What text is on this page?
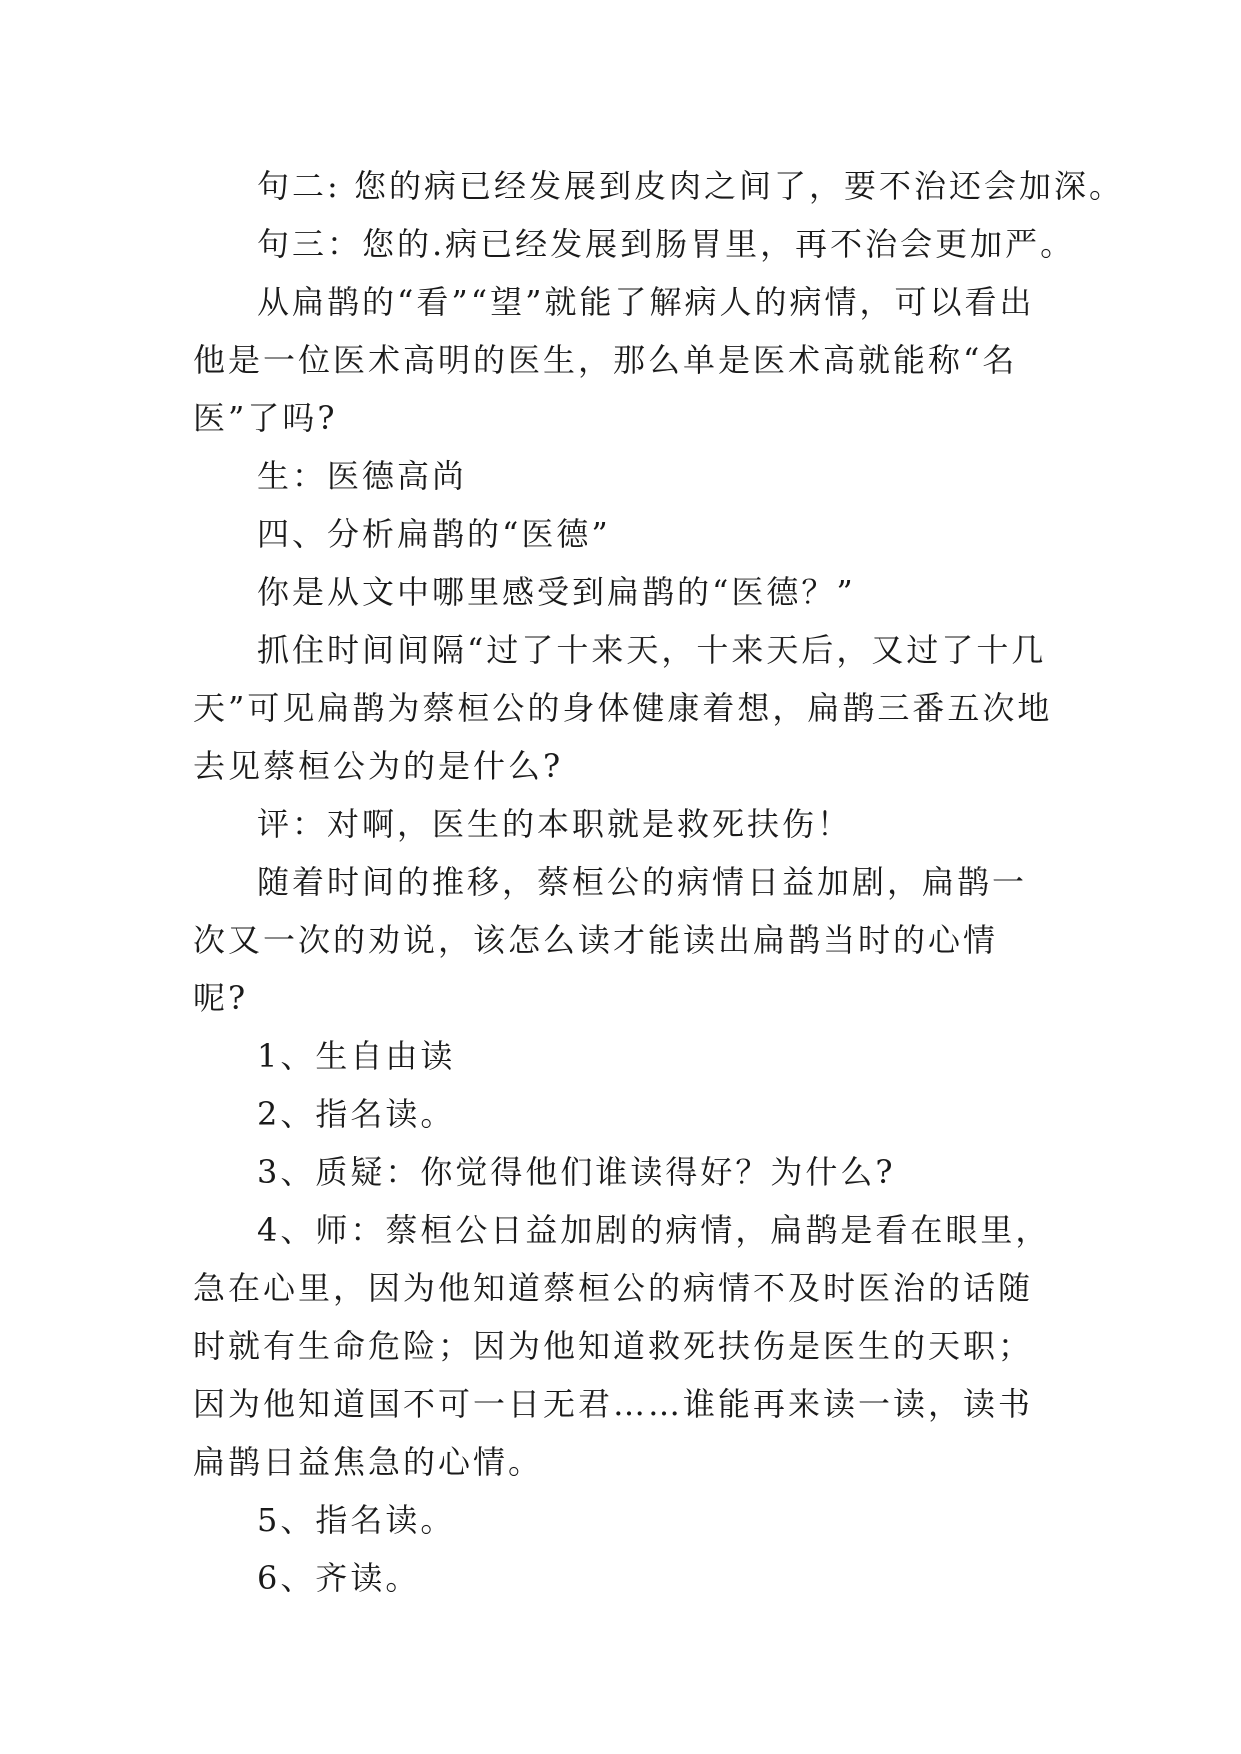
句二: 您的病已经发展到皮肉之间了，要不治还会加深。

句三：您的.病已经发展到肠胃里，再不治会更加严。

从扁鹊的“看”“望”就能了解病人的病情，可以看出他是一位医术高明的医生，那么单是医术高就能称“名医”了吗?

生：医德高尚

四、分析扁鹊的“医德”

你是从文中哪里感受到扁鹊的“医德？”

抓住时间间隔“过了十来天，十来天后，又过了十几天”可见扁鹊为蔡桓公的身体健康着想，扁鹊三番五次地去见蔡桓公为的是什么?

评：对啊，医生的本职就是救死扶伤！

随着时间的推移，蔡桓公的病情日益加剧，扁鹊一次又一次的劝说，该怎么读才能读出扁鹊当时的心情呢?

1、生自由读

2、指名读。

3、质疑：你觉得他们谁读得好？为什么?

4、师：蔡桓公日益加剧的病情，扁鹊是看在眼里，急在心里，因为他知道蔡桓公的病情不及时医治的话随时就有生命危险；因为他知道救死扶伤是医生的天职；因为他知道国不可一日无君……谁能再来读一读，读书扁鹊日益焦急的心情。

5、指名读。

6、齐读。
